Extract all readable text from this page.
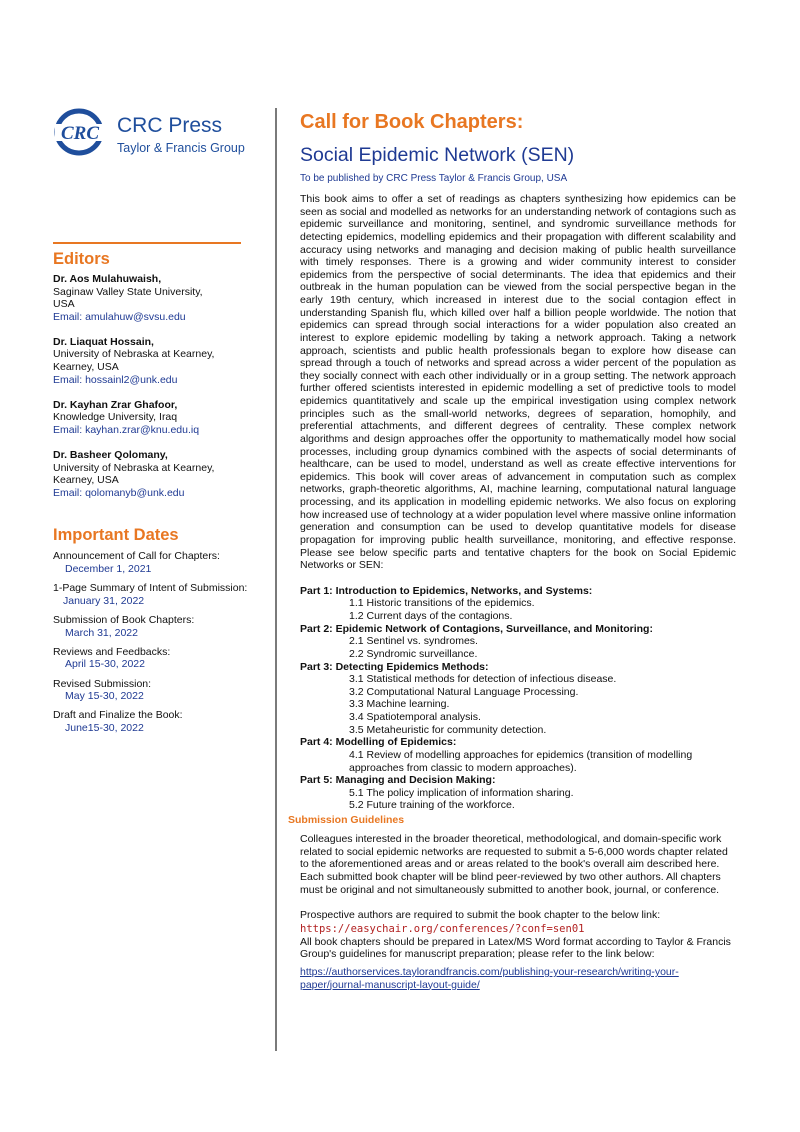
CRC CRC Press
Taylor & Francis Group
Editors
Dr. Aos Mulahuwaish,
Saginaw Valley State University,
USA
Email: amulahuw@svsu.edu
Dr. Liaquat Hossain,
University of Nebraska at Kearney,
Kearney, USA
Email: hossainl2@unk.edu
Dr. Kayhan Zrar Ghafoor,
Knowledge University, Iraq
Email: kayhan.zrar@knu.edu.iq
Dr. Basheer Qolomany,
University of Nebraska at Kearney,
Kearney, USA
Email: qolomanyb@unk.edu
Important Dates
Announcement of Call for Chapters:
December 1, 2021
1-Page Summary of Intent of Submission:
January 31, 2022
Submission of Book Chapters:
March 31, 2022
Reviews and Feedbacks:
April 15-30, 2022
Revised Submission:
May 15-30, 2022
Draft and Finalize the Book:
June15-30, 2022
Call for Book Chapters:
Social Epidemic Network (SEN)
To be published by CRC Press Taylor & Francis Group, USA

This book aims to offer a set of readings as chapters synthesizing how epidemics can be seen as social and modelled as networks for an understanding network of contagions such as epidemic surveillance and monitoring, sentinel, and syndromic surveillance methods for detecting epidemics, modelling epidemics and their propagation with different scalability and accuracy using networks and managing and decision making of public health surveillance with timely responses. There is a growing and wider community interest to consider epidemics from the perspective of social determinants. The idea that epidemics and their outbreak in the human population can be viewed from the social perspective began in the early 19th century, which increased in interest due to the social contagion effect in understanding Spanish flu, which killed over half a billion people worldwide. The notion that epidemics can spread through social interactions for a wider population also created an interest to explore epidemic modelling by taking a network approach. Taking a network approach, scientists and public health professionals began to explore how disease can spread through a touch of networks and spread across a wider percent of the population as they socially connect with each other individually or in a group setting. The network approach further offered scientists interested in epidemic modelling a set of predictive tools to model epidemics quantitatively and scale up the empirical investigation using complex network principles such as the small-world networks, degrees of separation, homophily, and preferential attachments, and different degrees of centrality. These complex network algorithms and design approaches offer the opportunity to mathematically model how social processes, including group dynamics combined with the aspects of social determinants of healthcare, can be used to model, understand as well as create effective interventions for epidemics. This book will cover areas of advancement in computation such as complex networks, graph-theoretic algorithms, AI, machine learning, computational natural language processing, and its application in modelling epidemic networks. We also focus on exploring how increased use of technology at a wider population level where massive online information generation and consumption can be used to develop quantitative models for disease propagation for improving public health surveillance, monitoring, and effective response. Please see below specific parts and tentative chapters for the book on Social Epidemic Networks or SEN:

Part 1: Introduction to Epidemics, Networks, and Systems:
1.1 Historic transitions of the epidemics.
1.2 Current days of the contagions.
Part 2: Epidemic Network of Contagions, Surveillance, and Monitoring:
2.1 Sentinel vs. syndromes.
2.2 Syndromic surveillance.
Part 3: Detecting Epidemics Methods:
3.1 Statistical methods for detection of infectious disease.
3.2 Computational Natural Language Processing.
3.3 Machine learning.
3.4 Spatiotemporal analysis.
3.5 Metaheuristic for community detection.
Part 4: Modelling of Epidemics:
4.1 Review of modelling approaches for epidemics (transition of modelling approaches from classic to modern approaches).
Part 5: Managing and Decision Making:
5.1 The policy implication of information sharing.
5.2 Future training of the workforce.
Submission Guidelines

Colleagues interested in the broader theoretical, methodological, and domain-specific work related to social epidemic networks are requested to submit a 5-6,000 words chapter related to the aforementioned areas and or areas related to the book's overall aim described here. Each submitted book chapter will be blind peer-reviewed by two other authors. All chapters must be original and not simultaneously submitted to another book, journal, or conference.

Prospective authors are required to submit the book chapter to the below link:
https://easychair.org/conferences/?conf=sen01
All book chapters should be prepared in Latex/MS Word format according to Taylor & Francis Group's guidelines for manuscript preparation; please refer to the link below:
https://authorservices.taylorandfrancis.com/publishing-your-research/writing-your-paper/journal-manuscript-layout-guide/
